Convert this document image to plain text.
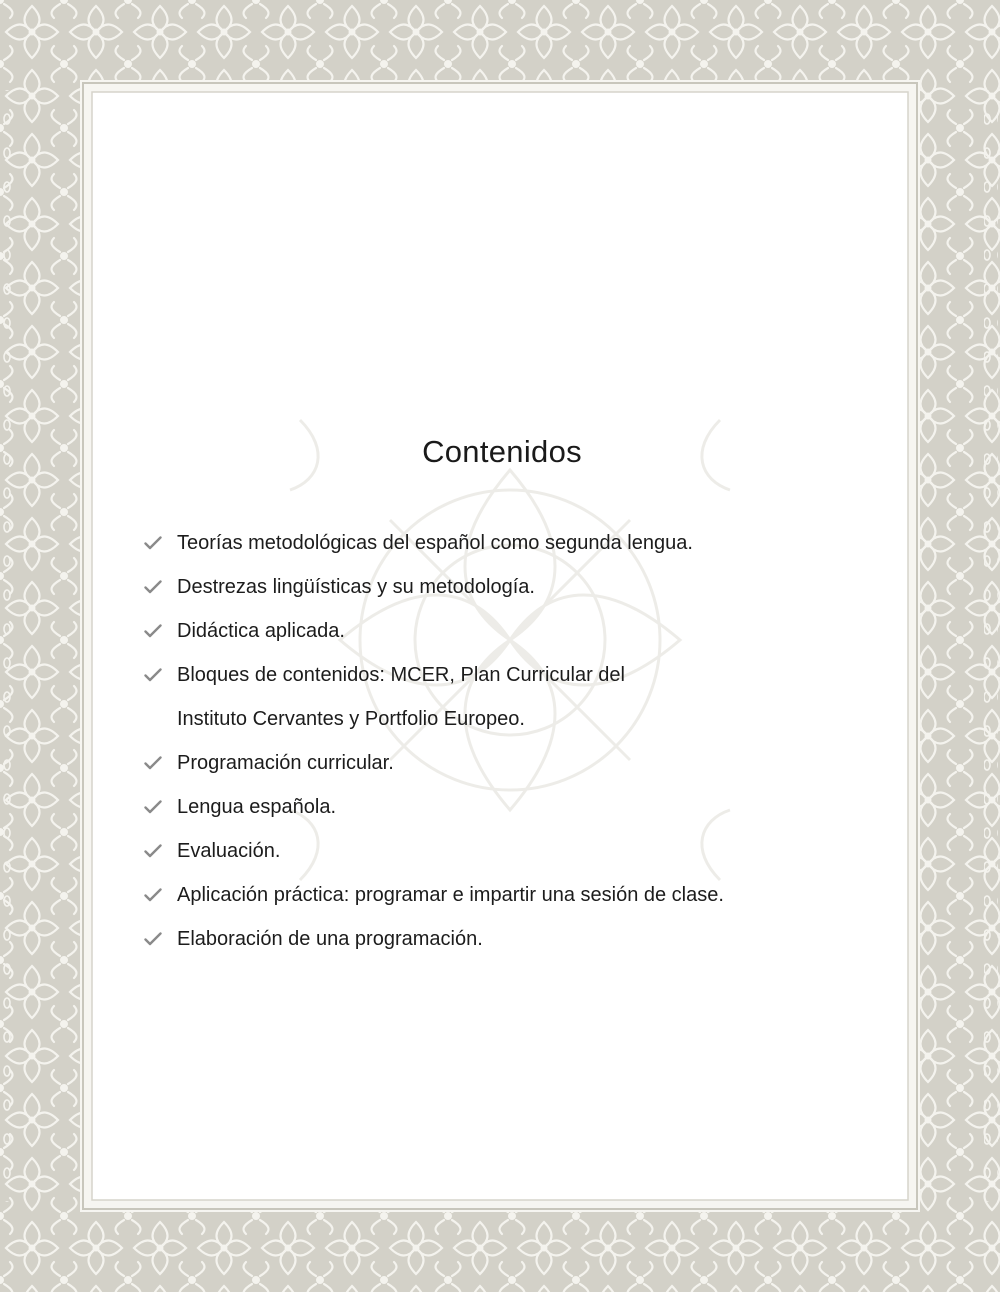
Contenidos
Teorías metodológicas del español como segunda lengua.
Destrezas lingüísticas y su metodología.
Didáctica aplicada.
Bloques de contenidos: MCER, Plan Curricular del
Instituto Cervantes y Portfolio Europeo.
Programación curricular.
Lengua española.
Evaluación.
Aplicación práctica: programar e impartir una sesión de clase.
Elaboración de una programación.
